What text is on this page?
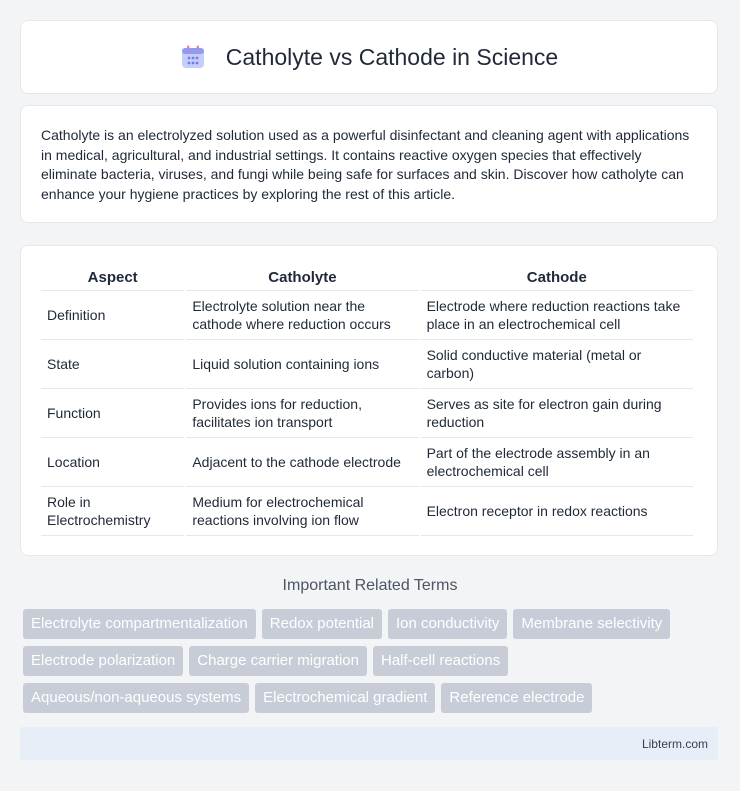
Catholyte vs Cathode in Science

Catholyte is an electrolyzed solution used as a powerful disinfectant and cleaning agent with applications in medical, agricultural, and industrial settings. It contains reactive oxygen species that effectively eliminate bacteria, viruses, and fungi while being safe for surfaces and skin. Discover how catholyte can enhance your hygiene practices by exploring the rest of this article.

Aspect	Catholyte	Cathode
Definition	Electrolyte solution near the cathode where reduction occurs	Electrode where reduction reactions take place in an electrochemical cell
State	Liquid solution containing ions	Solid conductive material (metal or carbon)
Function	Provides ions for reduction, facilitates ion transport	Serves as site for electron gain during reduction
Location	Adjacent to the cathode electrode	Part of the electrode assembly in an electrochemical cell
Role in Electrochemistry	Medium for electrochemical reactions involving ion flow	Electron receptor in redox reactions
Important Related Terms
Electrolyte compartmentalization	Redox potential	Ion conductivity	Membrane selectivity
Electrode polarization	Charge carrier migration	Half-cell reactions
Aqueous/non-aqueous systems	Electrochemical gradient	Reference electrode
Libterm.com
